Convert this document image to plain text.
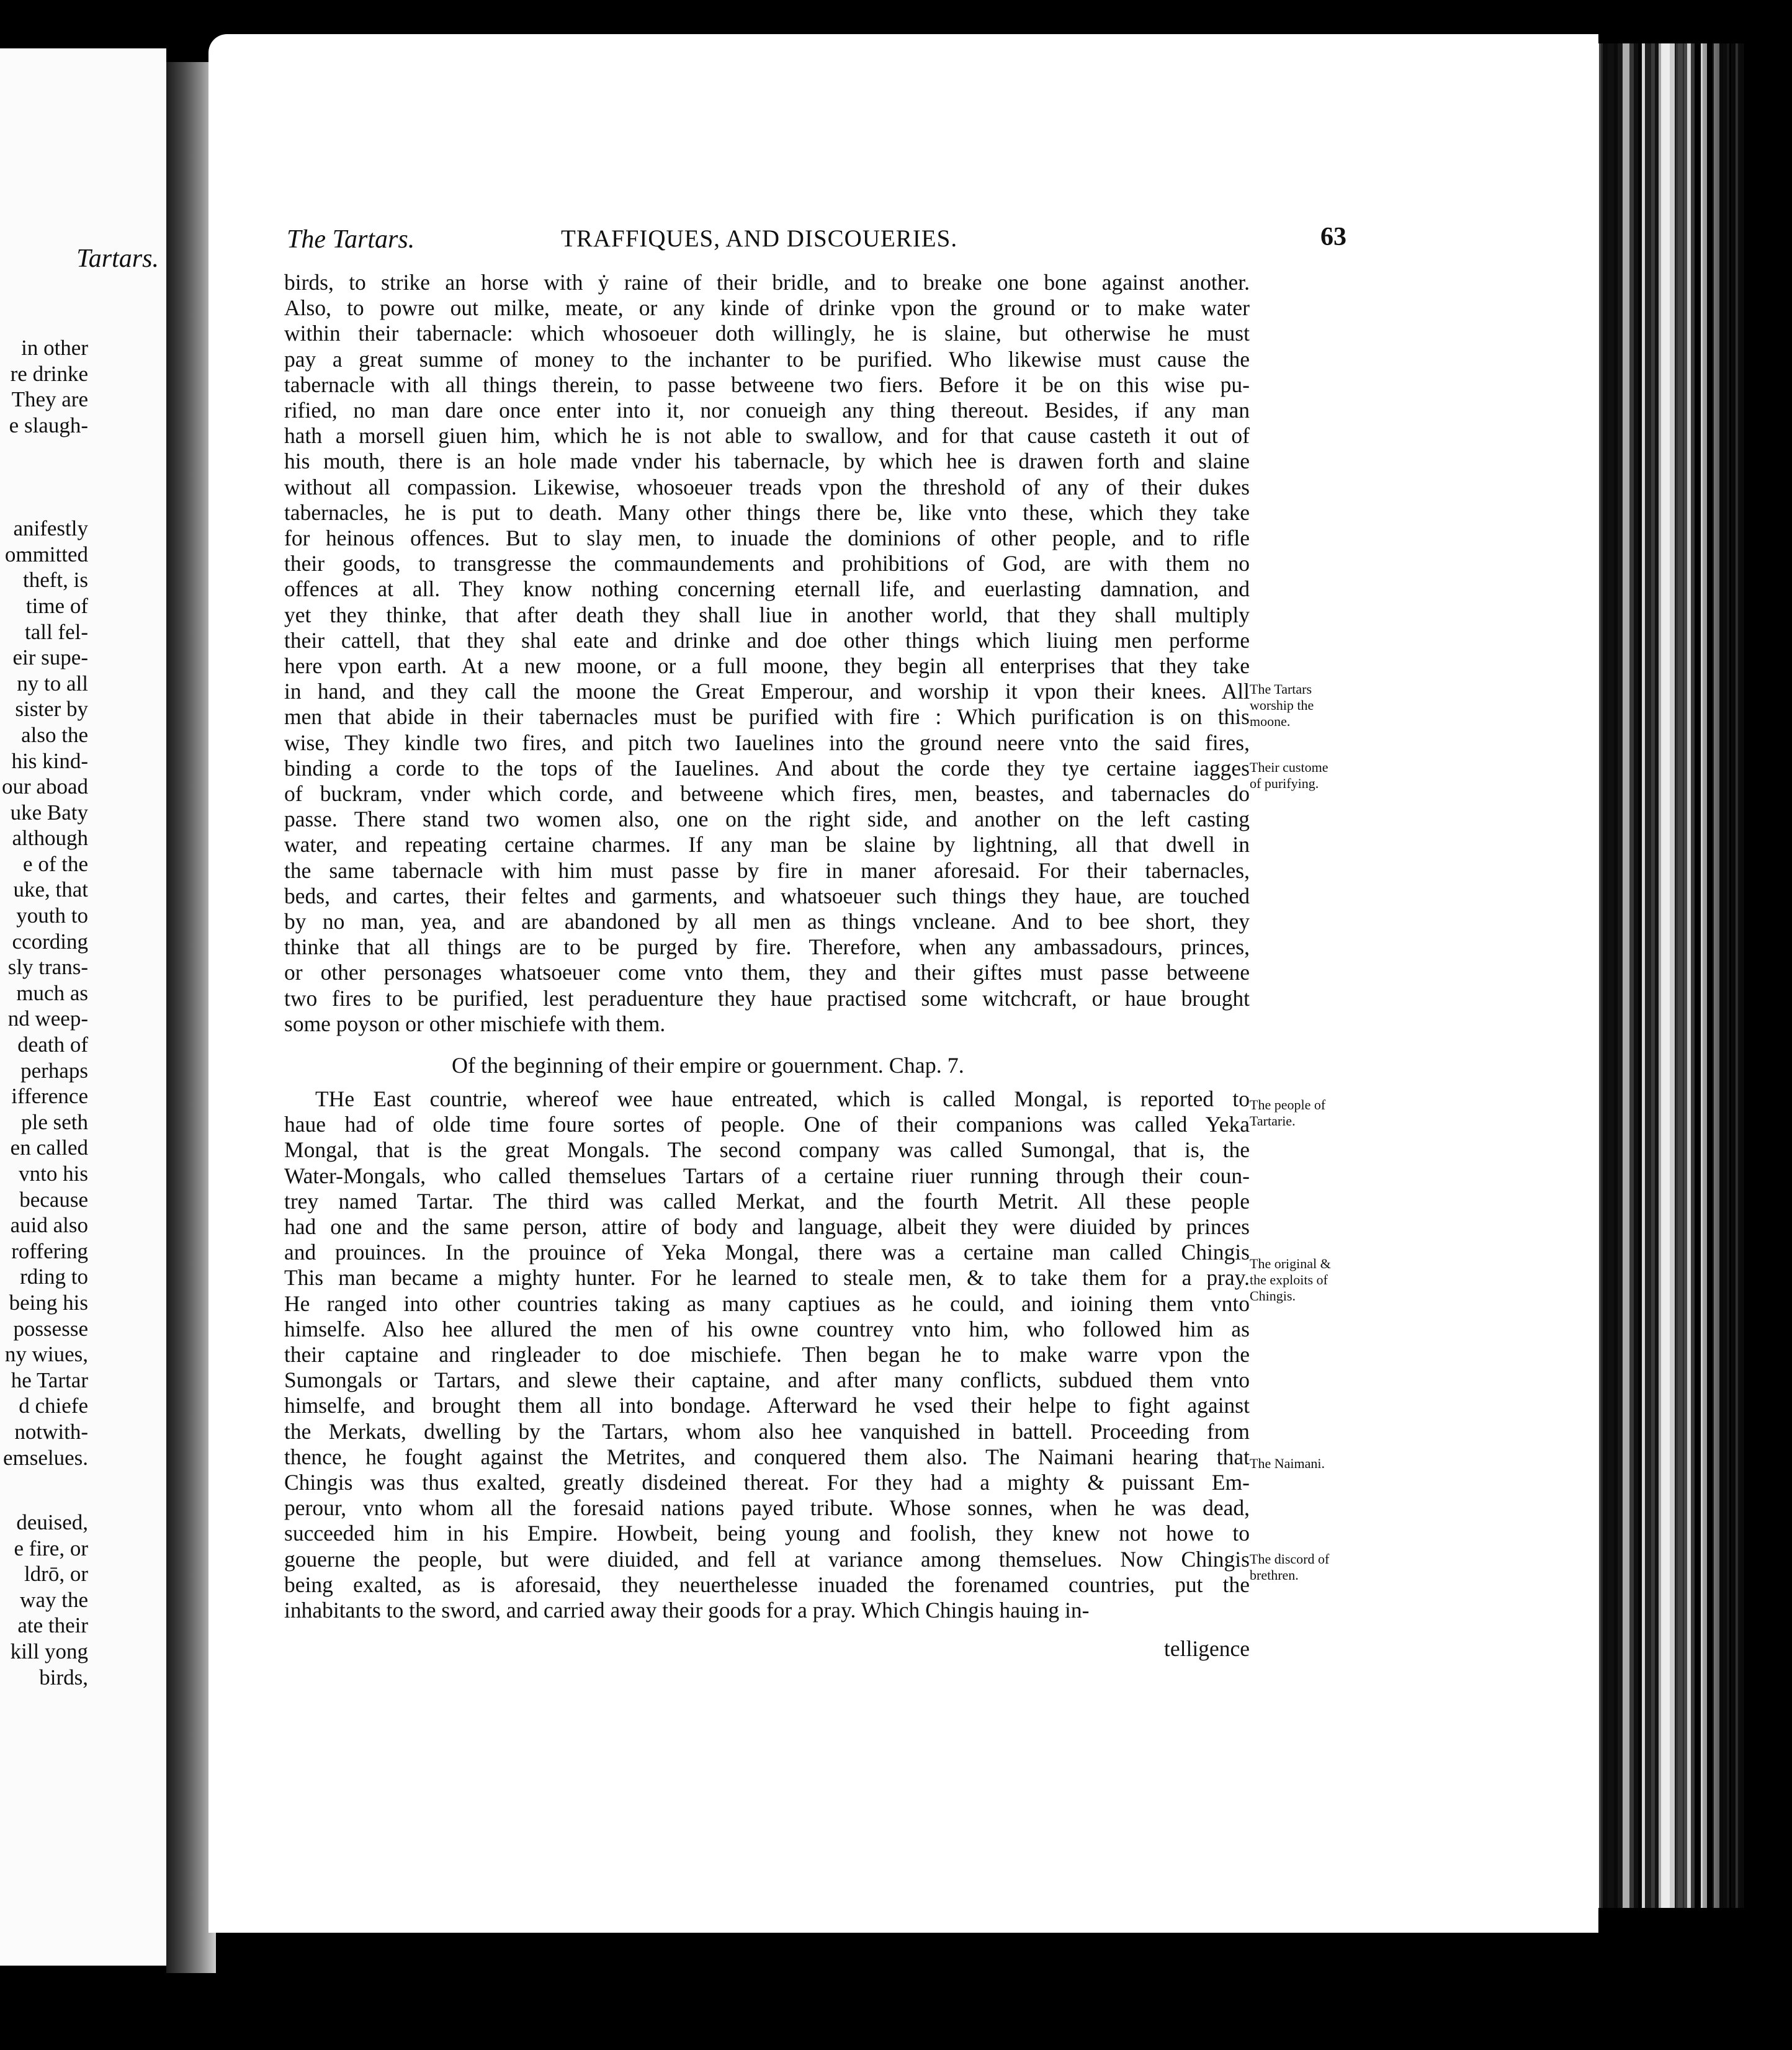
Tartars.
in other
re drinke
They are
e slaugh-
anifestly
ommitted
theft, is
time of
tall fel-
eir supe-
ny to all
sister by
also the
his kind-
our aboad
uke Baty
although
e of the
uke, that
youth to
ccording
sly trans-
much as
nd weep-
death of
perhaps
ifference
ple seth
en called
vnto his
because
auid also
roffering
rding to
being his
possesse
ny wiues,
he Tartar
d chiefe
notwith-
emselues.
deuised,
e fire, or
ldrō, or
way the
ate their
kill yong
birds,
The Tartars.	TRAFFIQUES, AND DISCOUERIES.	63
birds, to strike an horse with ẏ raine of their bridle, and to breake one bone against another.
Also, to powre out milke, meate, or any kinde of drinke vpon the ground or to make water
within their tabernacle: which whosoeuer doth willingly, he is slaine, but otherwise he must
pay a great summe of money to the inchanter to be purified. Who likewise must cause the
tabernacle with all things therein, to passe betweene two fiers. Before it be on this wise pu-
rified, no man dare once enter into it, nor conueigh any thing thereout. Besides, if any man
hath a morsell giuen him, which he is not able to swallow, and for that cause casteth it out of
his mouth, there is an hole made vnder his tabernacle, by which hee is drawen forth and slaine
without all compassion. Likewise, whosoeuer treads vpon the threshold of any of their dukes
tabernacles, he is put to death. Many other things there be, like vnto these, which they take
for heinous offences. But to slay men, to inuade the dominions of other people, and to rifle
their goods, to transgresse the commaundements and prohibitions of God, are with them no
offences at all. They know nothing concerning eternall life, and euerlasting damnation, and
yet they thinke, that after death they shall liue in another world, that they shall multiply
their cattell, that they shal eate and drinke and doe other things which liuing men performe
here vpon earth. At a new moone, or a full moone, they begin all enterprises that they take
in hand, and they call the moone the Great Emperour, and worship it vpon their knees. All
men that abide in their tabernacles must be purified with fire : Which purification is on this
wise, They kindle two fires, and pitch two Iauelines into the ground neere vnto the said fires,
binding a corde to the tops of the Iauelines. And about the corde they tye certaine iagges
of buckram, vnder which corde, and betweene which fires, men, beastes, and tabernacles do
passe. There stand two women also, one on the right side, and another on the left casting
water, and repeating certaine charmes. If any man be slaine by lightning, all that dwell in
the same tabernacle with him must passe by fire in maner aforesaid. For their tabernacles,
beds, and cartes, their feltes and garments, and whatsoeuer such things they haue, are touched
by no man, yea, and are abandoned by all men as things vncleane. And to bee short, they
thinke that all things are to be purged by fire. Therefore, when any ambassadours, princes,
or other personages whatsoeuer come vnto them, they and their giftes must passe betweene
two fires to be purified, lest peraduenture they haue practised some witchcraft, or haue brought
some poyson or other mischiefe with them.
Of the beginning of their empire or gouernment. Chap. 7.
THe East countrie, whereof wee haue entreated, which is called Mongal, is reported to
haue had of olde time foure sortes of people. One of their companions was called Yeka
Mongal, that is the great Mongals. The second company was called Sumongal, that is, the
Water-Mongals, who called themselues Tartars of a certaine riuer running through their coun-
trey named Tartar. The third was called Merkat, and the fourth Metrit. All these people
had one and the same person, attire of body and language, albeit they were diuided by princes
and prouinces. In the prouince of Yeka Mongal, there was a certaine man called Chingis
This man became a mighty hunter. For he learned to steale men, & to take them for a pray.
He ranged into other countries taking as many captiues as he could, and ioining them vnto
himselfe. Also hee allured the men of his owne countrey vnto him, who followed him as
their captaine and ringleader to doe mischiefe. Then began he to make warre vpon the
Sumongals or Tartars, and slewe their captaine, and after many conflicts, subdued them vnto
himselfe, and brought them all into bondage. Afterward he vsed their helpe to fight against
the Merkats, dwelling by the Tartars, whom also hee vanquished in battell. Proceeding from
thence, he fought against the Metrites, and conquered them also. The Naimani hearing that
Chingis was thus exalted, greatly disdeined thereat. For they had a mighty & puissant Em-
perour, vnto whom all the foresaid nations payed tribute. Whose sonnes, when he was dead,
succeeded him in his Empire. Howbeit, being young and foolish, they knew not howe to
gouerne the people, but were diuided, and fell at variance among themselues. Now Chingis
being exalted, as is aforesaid, they neuerthelesse inuaded the forenamed countries, put the
inhabitants to the sword, and carried away their goods for a pray. Which Chingis hauing in-
telligence
The Tartars
worship the
moone.
Their custome
of purifying.
The people of
Tartarie.
The original &
the exploits of
Chingis.
The Naimani.
The discord of
brethren.
